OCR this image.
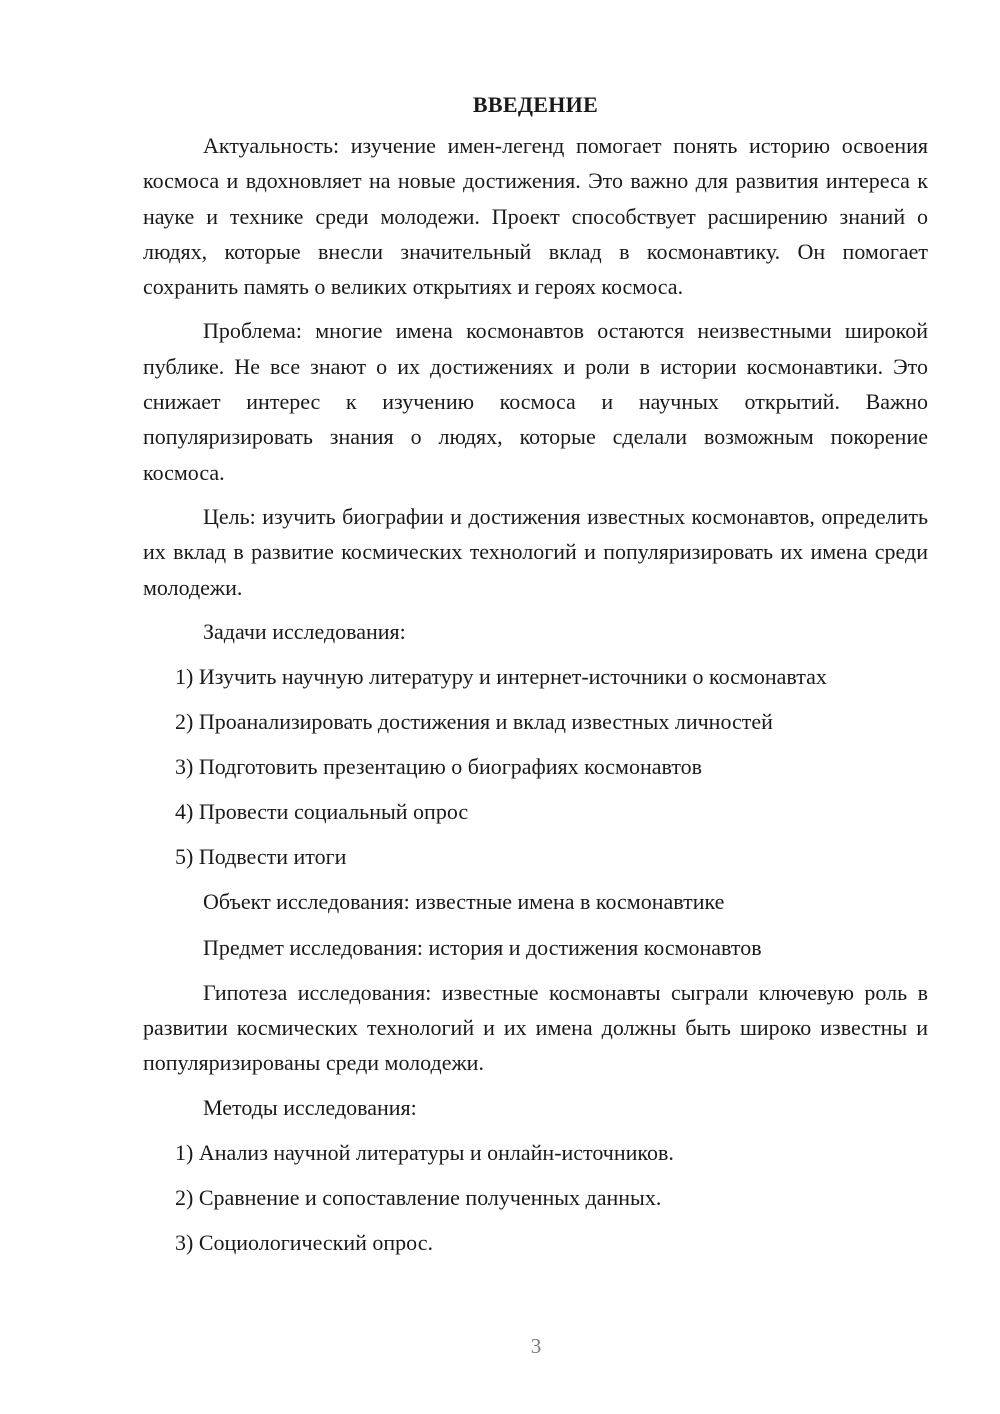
ВВЕДЕНИЕ

Актуальность: изучение имен-легенд помогает понять историю освоения космоса и вдохновляет на новые достижения. Это важно для развития интереса к науке и технике среди молодежи. Проект способствует расширению знаний о людях, которые внесли значительный вклад в космонавтику. Он помогает сохранить память о великих открытиях и героях космоса.

Проблема: многие имена космонавтов остаются неизвестными широкой публике. Не все знают о их достижениях и роли в истории космонавтики. Это снижает интерес к изучению космоса и научных открытий. Важно популяризировать знания о людях, которые сделали возможным покорение космоса.

Цель: изучить биографии и достижения известных космонавтов, определить их вклад в развитие космических технологий и популяризировать их имена среди молодежи.

Задачи исследования:

1) Изучить научную литературу и интернет-источники о космонавтах

2) Проанализировать достижения и вклад известных личностей

3) Подготовить презентацию о биографиях космонавтов

4) Провести социальный опрос

5) Подвести итоги

Объект исследования: известные имена в космонавтике

Предмет исследования: история и достижения космонавтов

Гипотеза исследования: известные космонавты сыграли ключевую роль в развитии космических технологий и их имена должны быть широко известны и популяризированы среди молодежи.

Методы исследования:

1) Анализ научной литературы и онлайн-источников.

2) Сравнение и сопоставление полученных данных.

3) Социологический опрос.

3
